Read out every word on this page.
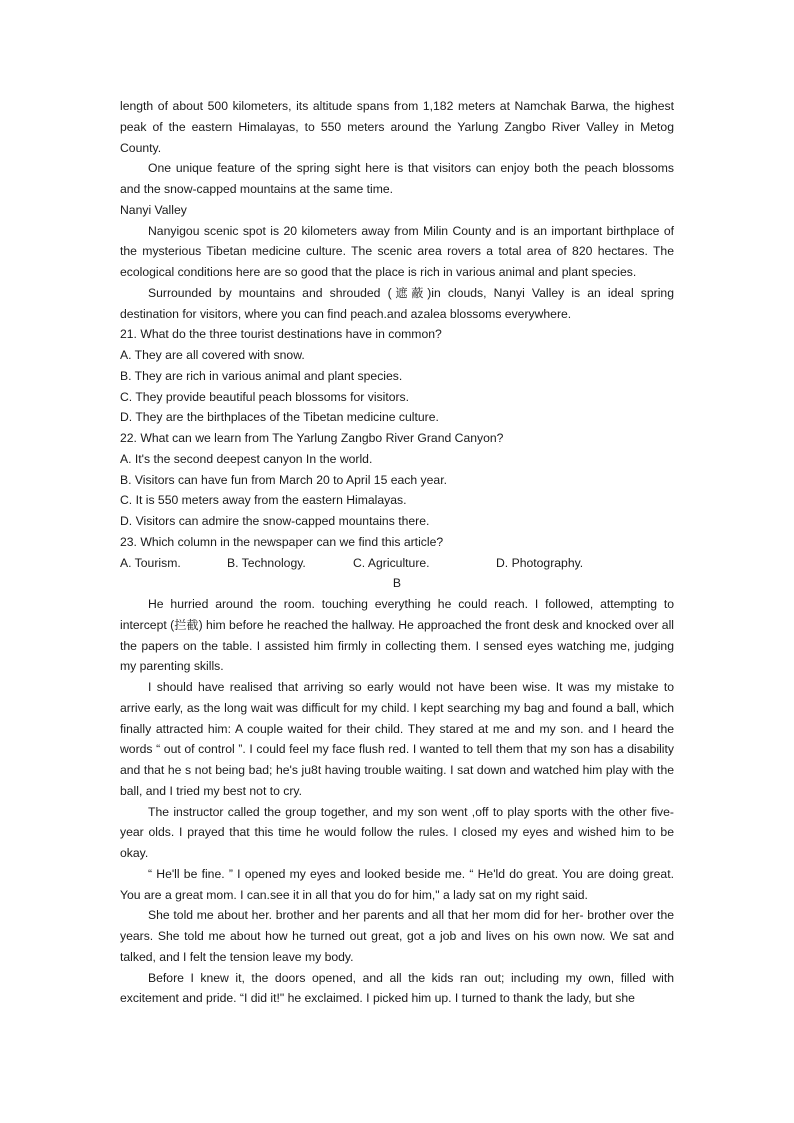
length of about 500 kilometers, its altitude spans from 1,182 meters at Namchak Barwa, the highest peak of the eastern Himalayas, to 550 meters around the Yarlung Zangbo River Valley in Metog County.

One unique feature of the spring sight here is that visitors can enjoy both the peach blossoms and the snow-capped mountains at the same time.

Nanyi Valley

Nanyigou scenic spot is 20 kilometers away from Milin County and is an important birthplace of the mysterious Tibetan medicine culture. The scenic area rovers a total area of 820 hectares. The ecological conditions here are so good that the place is rich in various animal and plant species.

Surrounded by mountains and shrouded (遮蔽)in clouds, Nanyi Valley is an ideal spring destination for visitors, where you can find peach.and azalea blossoms everywhere.

21. What do the three tourist destinations have in common?

A. They are all covered with snow.

B. They are rich in various animal and plant species.

C. They provide beautiful peach blossoms for visitors.

D. They are the birthplaces of the Tibetan medicine culture.

22. What can we learn from The Yarlung Zangbo River Grand Canyon?

A. It's the second deepest canyon In the world.

B. Visitors can have fun from March 20 to April 15 each year.

C. It is 550 meters away from the eastern Himalayas.

D. Visitors can admire the snow-capped mountains there.

23. Which column in the newspaper can we find this article?

A. Tourism.	B. Technology.	C. Agriculture.	D. Photography.

B

He hurried around the room. touching everything he could reach. I followed, attempting to intercept (拦截) him before he reached the hallway. He approached the front desk and knocked over all the papers on the table. I assisted him firmly in collecting them. I sensed eyes watching me, judging my parenting skills.

I should have realised that arriving so early would not have been wise. It was my mistake to arrive early, as the long wait was difficult for my child. I kept searching my bag and found a ball, which finally attracted him: A couple waited for their child. They stared at me and my son. and I heard the words “ out of control ”. I could feel my face flush red. I wanted to tell them that my son has a disability and that he s not being bad; he's ju8t having trouble waiting. I sat down and watched him play with the ball, and I tried my best not to cry.

The instructor called the group together, and my son went ,off to play sports with the other five-year olds. I prayed that this time he would follow the rules. I closed my eyes and wished him to be okay.

“ He'll be fine. ” I opened my eyes and looked beside me. “ He'ld do great. You are doing great. You are a great mom. I can.see it in all that you do for him," a lady sat on my right said.

She told me about her. brother and her parents and all that her mom did for her- brother over the years. She told me about how he turned out great, got a job and lives on his own now. We sat and talked, and I felt the tension leave my body.

Before I knew it, the doors opened, and all the kids ran out; including my own, filled with excitement and pride. “I did it!" he exclaimed. I picked him up. I turned to thank the lady, but she
